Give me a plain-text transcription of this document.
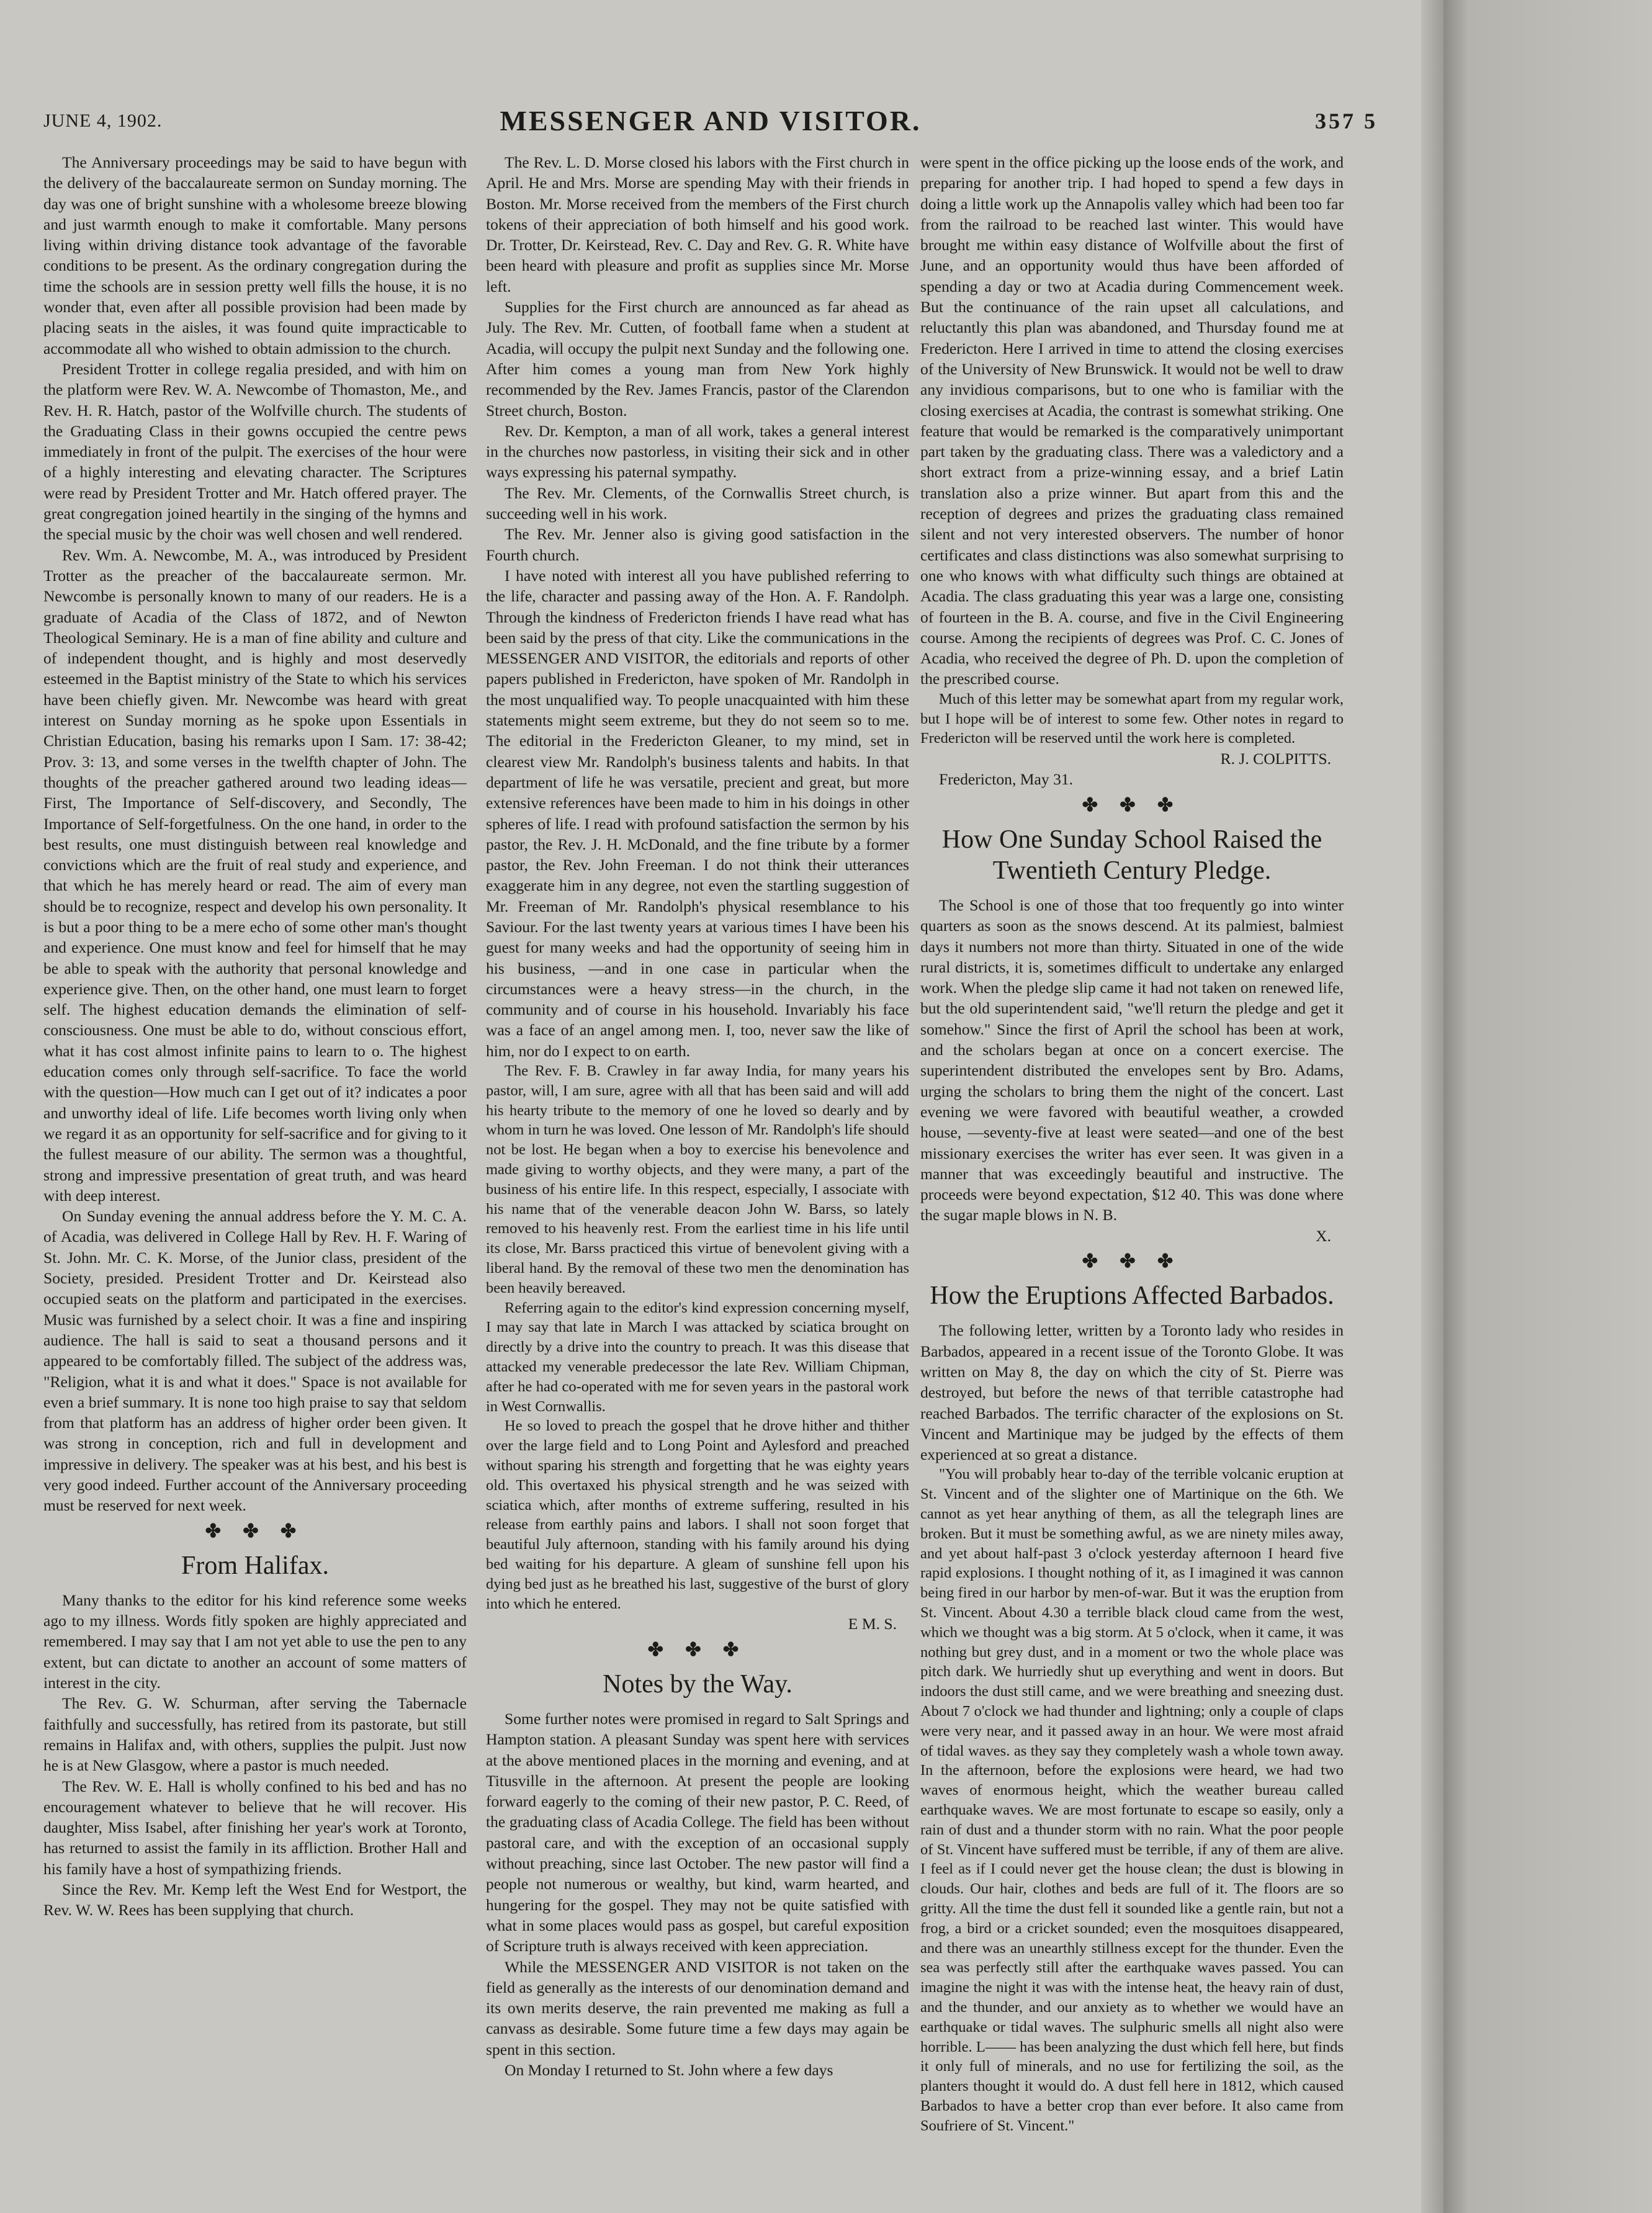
JUNE 4, 1902.	MESSENGER AND VISITOR.	357 5

The Anniversary proceedings may be said to have begun with the delivery of the baccalaureate sermon on Sunday morning. The day was one of bright sunshine with a wholesome breeze blowing and just warmth enough to make it comfortable. Many persons living within driving distance took advantage of the favorable conditions to be present. As the ordinary congregation during the time the schools are in session pretty well fills the house, it is no wonder that, even after all possible provision had been made by placing seats in the aisles, it was found quite impracticable to accommodate all who wished to obtain admission to the church.

President Trotter in college regalia presided, and with him on the platform were Rev. W. A. Newcombe of Thomaston, Me., and Rev. H. R. Hatch, pastor of the Wolfville church. The students of the Graduating Class in their gowns occupied the centre pews immediately in front of the pulpit. The exercises of the hour were of a highly interesting and elevating character. The Scriptures were read by President Trotter and Mr. Hatch offered prayer. The great congregation joined heartily in the singing of the hymns and the special music by the choir was well chosen and well rendered.

Rev. Wm. A. Newcombe, M. A., was introduced by President Trotter as the preacher of the baccalaureate sermon. Mr. Newcombe is personally known to many of our readers. He is a graduate of Acadia of the Class of 1872, and of Newton Theological Seminary. He is a man of fine ability and culture and of independent thought, and is highly and most deservedly esteemed in the Baptist ministry of the State to which his services have been chiefly given. Mr. Newcombe was heard with great interest on Sunday morning as he spoke upon Essentials in Christian Education, basing his remarks upon I Sam. 17: 38-42; Prov. 3: 13, and some verses in the twelfth chapter of John. The thoughts of the preacher gathered around two leading ideas—First, The Importance of Self-discovery, and Secondly, The Importance of Self-forgetfulness. On the one hand, in order to the best results, one must distinguish between real knowledge and convictions which are the fruit of real study and experience, and that which he has merely heard or read. The aim of every man should be to recognize, respect and develop his own personality. It is but a poor thing to be a mere echo of some other man's thought and experience. One must know and feel for himself that he may be able to speak with the authority that personal knowledge and experience give. Then, on the other hand, one must learn to forget self. The highest education demands the elimination of self-consciousness. One must be able to do, without conscious effort, what it has cost almost infinite pains to learn to o. The highest education comes only through self-sacrifice. To face the world with the question—How much can I get out of it? indicates a poor and unworthy ideal of life. Life becomes worth living only when we regard it as an opportunity for self-sacrifice and for giving to it the fullest measure of our ability. The sermon was a thoughtful, strong and impressive presentation of great truth, and was heard with deep interest.

On Sunday evening the annual address before the Y. M. C. A. of Acadia, was delivered in College Hall by Rev. H. F. Waring of St. John. Mr. C. K. Morse, of the Junior class, president of the Society, presided. President Trotter and Dr. Keirstead also occupied seats on the platform and participated in the exercises. Music was furnished by a select choir. It was a fine and inspiring audience. The hall is said to seat a thousand persons and it appeared to be comfortably filled. The subject of the address was, "Religion, what it is and what it does." Space is not available for even a brief summary. It is none too high praise to say that seldom from that platform has an address of higher order been given. It was strong in conception, rich and full in development and impressive in delivery. The speaker was at his best, and his best is very good indeed. Further account of the Anniversary proceeding must be reserved for next week.

✤ ✤ ✤
From Halifax.

Many thanks to the editor for his kind reference some weeks ago to my illness. Words fitly spoken are highly appreciated and remembered. I may say that I am not yet able to use the pen to any extent, but can dictate to another an account of some matters of interest in the city.

The Rev. G. W. Schurman, after serving the Tabernacle faithfully and successfully, has retired from its pastorate, but still remains in Halifax and, with others, supplies the pulpit. Just now he is at New Glasgow, where a pastor is much needed.

The Rev. W. E. Hall is wholly confined to his bed and has no encouragement whatever to believe that he will recover. His daughter, Miss Isabel, after finishing her year's work at Toronto, has returned to assist the family in its affliction. Brother Hall and his family have a host of sympathizing friends.

Since the Rev. Mr. Kemp left the West End for Westport, the Rev. W. W. Rees has been supplying that church.

The Rev. L. D. Morse closed his labors with the First church in April. He and Mrs. Morse are spending May with their friends in Boston. Mr. Morse received from the members of the First church tokens of their appreciation of both himself and his good work. Dr. Trotter, Dr. Keirstead, Rev. C. Day and Rev. G. R. White have been heard with pleasure and profit as supplies since Mr. Morse left.

Supplies for the First church are announced as far ahead as July. The Rev. Mr. Cutten, of football fame when a student at Acadia, will occupy the pulpit next Sunday and the following one. After him comes a young man from New York highly recommended by the Rev. James Francis, pastor of the Clarendon Street church, Boston.

Rev. Dr. Kempton, a man of all work, takes a general interest in the churches now pastorless, in visiting their sick and in other ways expressing his paternal sympathy.

The Rev. Mr. Clements, of the Cornwallis Street church, is succeeding well in his work.

The Rev. Mr. Jenner also is giving good satisfaction in the Fourth church.

I have noted with interest all you have published referring to the life, character and passing away of the Hon. A. F. Randolph. Through the kindness of Fredericton friends I have read what has been said by the press of that city. Like the communications in the MESSENGER AND VISITOR, the editorials and reports of other papers published in Fredericton, have spoken of Mr. Randolph in the most unqualified way. To people unacquainted with him these statements might seem extreme, but they do not seem so to me. The editorial in the Fredericton Gleaner, to my mind, set in clearest view Mr. Randolph's business talents and habits. In that department of life he was versatile, precient and great, but more extensive references have been made to him in his doings in other spheres of life. I read with profound satisfaction the sermon by his pastor, the Rev. J. H. McDonald, and the fine tribute by a former pastor, the Rev. John Freeman. I do not think their utterances exaggerate him in any degree, not even the startling suggestion of Mr. Freeman of Mr. Randolph's physical resemblance to his Saviour. For the last twenty years at various times I have been his guest for many weeks and had the opportunity of seeing him in his business, —and in one case in particular when the circumstances were a heavy stress—in the church, in the community and of course in his household. Invariably his face was a face of an angel among men. I, too, never saw the like of him, nor do I expect to on earth.

The Rev. F. B. Crawley in far away India, for many years his pastor, will, I am sure, agree with all that has been said and will add his hearty tribute to the memory of one he loved so dearly and by whom in turn he was loved. One lesson of Mr. Randolph's life should not be lost. He began when a boy to exercise his benevolence and made giving to worthy objects, and they were many, a part of the business of his entire life. In this respect, especially, I associate with his name that of the venerable deacon John W. Barss, so lately removed to his heavenly rest. From the earliest time in his life until its close, Mr. Barss practiced this virtue of benevolent giving with a liberal hand. By the removal of these two men the denomination has been heavily bereaved.

Referring again to the editor's kind expression concerning myself, I may say that late in March I was attacked by sciatica brought on directly by a drive into the country to preach. It was this disease that attacked my venerable predecessor the late Rev. William Chipman, after he had co-operated with me for seven years in the pastoral work in West Cornwallis.

He so loved to preach the gospel that he drove hither and thither over the large field and to Long Point and Aylesford and preached without sparing his strength and forgetting that he was eighty years old. This overtaxed his physical strength and he was seized with sciatica which, after months of extreme suffering, resulted in his release from earthly pains and labors. I shall not soon forget that beautiful July afternoon, standing with his family around his dying bed waiting for his departure. A gleam of sunshine fell upon his dying bed just as he breathed his last, suggestive of the burst of glory into which he entered.

E M. S.

✤ ✤ ✤
Notes by the Way.

Some further notes were promised in regard to Salt Springs and Hampton station. A pleasant Sunday was spent here with services at the above mentioned places in the morning and evening, and at Titusville in the afternoon. At present the people are looking forward eagerly to the coming of their new pastor, P. C. Reed, of the graduating class of Acadia College. The field has been without pastoral care, and with the exception of an occasional supply without preaching, since last October. The new pastor will find a people not numerous or wealthy, but kind, warm hearted, and hungering for the gospel. They may not be quite satisfied with what in some places would pass as gospel, but careful exposition of Scripture truth is always received with keen appreciation.

While the MESSENGER AND VISITOR is not taken on the field as generally as the interests of our denomination demand and its own merits deserve, the rain prevented me making as full a canvass as desirable. Some future time a few days may again be spent in this section.

On Monday I returned to St. John where a few days

were spent in the office picking up the loose ends of the work, and preparing for another trip. I had hoped to spend a few days in doing a little work up the Annapolis valley which had been too far from the railroad to be reached last winter. This would have brought me within easy distance of Wolfville about the first of June, and an opportunity would thus have been afforded of spending a day or two at Acadia during Commencement week. But the continuance of the rain upset all calculations, and reluctantly this plan was abandoned, and Thursday found me at Fredericton. Here I arrived in time to attend the closing exercises of the University of New Brunswick. It would not be well to draw any invidious comparisons, but to one who is familiar with the closing exercises at Acadia, the contrast is somewhat striking. One feature that would be remarked is the comparatively unimportant part taken by the graduating class. There was a valedictory and a short extract from a prize-winning essay, and a brief Latin translation also a prize winner. But apart from this and the reception of degrees and prizes the graduating class remained silent and not very interested observers. The number of honor certificates and class distinctions was also somewhat surprising to one who knows with what difficulty such things are obtained at Acadia. The class graduating this year was a large one, consisting of fourteen in the B. A. course, and five in the Civil Engineering course. Among the recipients of degrees was Prof. C. C. Jones of Acadia, who received the degree of Ph. D. upon the completion of the prescribed course.

Much of this letter may be somewhat apart from my regular work, but I hope will be of interest to some few. Other notes in regard to Fredericton will be reserved until the work here is completed.

R. J. COLPITTS.

Fredericton, May 31.

✤ ✤ ✤
How One Sunday School Raised the Twentieth Century Pledge.

The School is one of those that too frequently go into winter quarters as soon as the snows descend. At its palmiest, balmiest days it numbers not more than thirty. Situated in one of the wide rural districts, it is, sometimes difficult to undertake any enlarged work. When the pledge slip came it had not taken on renewed life, but the old superintendent said, "we'll return the pledge and get it somehow." Since the first of April the school has been at work, and the scholars began at once on a concert exercise. The superintendent distributed the envelopes sent by Bro. Adams, urging the scholars to bring them the night of the concert. Last evening we were favored with beautiful weather, a crowded house, —seventy-five at least were seated—and one of the best missionary exercises the writer has ever seen. It was given in a manner that was exceedingly beautiful and instructive. The proceeds were beyond expectation, $12 40. This was done where the sugar maple blows in N. B.

X.

✤ ✤ ✤
How the Eruptions Affected Barbados.

The following letter, written by a Toronto lady who resides in Barbados, appeared in a recent issue of the Toronto Globe. It was written on May 8, the day on which the city of St. Pierre was destroyed, but before the news of that terrible catastrophe had reached Barbados. The terrific character of the explosions on St. Vincent and Martinique may be judged by the effects of them experienced at so great a distance.

"You will probably hear to-day of the terrible volcanic eruption at St. Vincent and of the slighter one of Martinique on the 6th. We cannot as yet hear anything of them, as all the telegraph lines are broken. But it must be something awful, as we are ninety miles away, and yet about half-past 3 o'clock yesterday afternoon I heard five rapid explosions. I thought nothing of it, as I imagined it was cannon being fired in our harbor by men-of-war. But it was the eruption from St. Vincent. About 4.30 a terrible black cloud came from the west, which we thought was a big storm. At 5 o'clock, when it came, it was nothing but grey dust, and in a moment or two the whole place was pitch dark. We hurriedly shut up everything and went in doors. But indoors the dust still came, and we were breathing and sneezing dust. About 7 o'clock we had thunder and lightning; only a couple of claps were very near, and it passed away in an hour. We were most afraid of tidal waves. as they say they completely wash a whole town away. In the afternoon, before the explosions were heard, we had two waves of enormous height, which the weather bureau called earthquake waves. We are most fortunate to escape so easily, only a rain of dust and a thunder storm with no rain. What the poor people of St. Vincent have suffered must be terrible, if any of them are alive. I feel as if I could never get the house clean; the dust is blowing in clouds. Our hair, clothes and beds are full of it. The floors are so gritty. All the time the dust fell it sounded like a gentle rain, but not a frog, a bird or a cricket sounded; even the mosquitoes disappeared, and there was an unearthly stillness except for the thunder. Even the sea was perfectly still after the earthquake waves passed. You can imagine the night it was with the intense heat, the heavy rain of dust, and the thunder, and our anxiety as to whether we would have an earthquake or tidal waves. The sulphuric smells all night also were horrible. L—— has been analyzing the dust which fell here, but finds it only full of minerals, and no use for fertilizing the soil, as the planters thought it would do. A dust fell here in 1812, which caused Barbados to have a better crop than ever before. It also came from Soufriere of St. Vincent."
